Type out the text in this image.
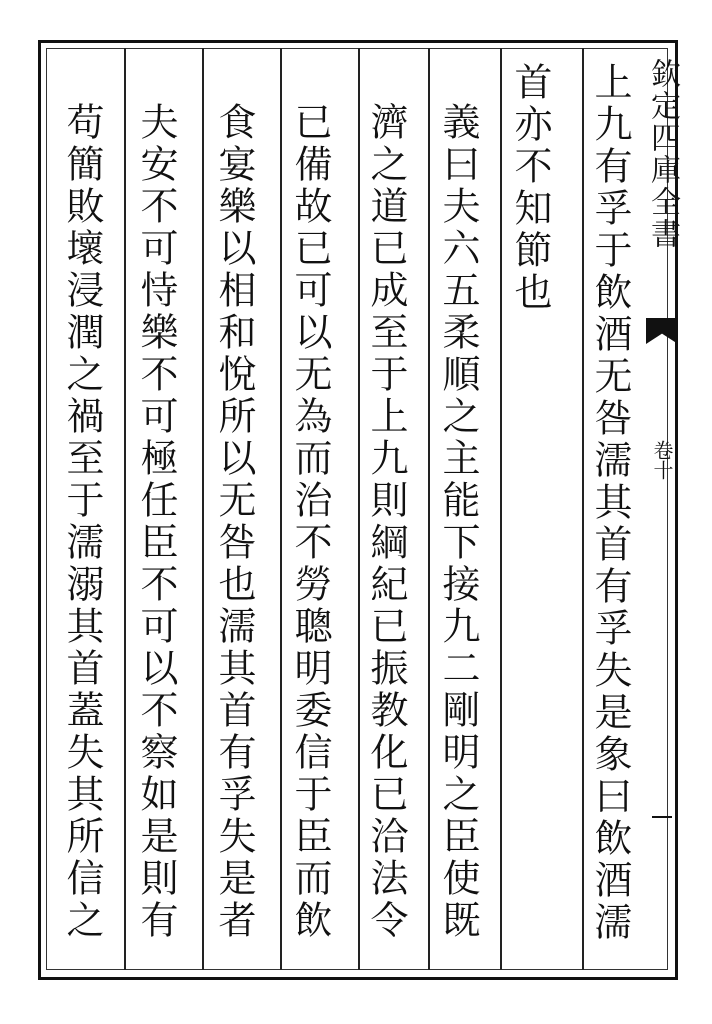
欽定四庫全書
卷十
上九有孚于飲酒无咎濡其首有孚失是象曰飲酒濡
首亦不知節也
義曰夫六五柔順之主能下接九二剛明之臣使既
濟之道已成至于上九則綱紀已振教化已洽法令
已備故已可以无為而治不勞聰明委信于臣而飲
食宴樂以相和悅所以无咎也濡其首有孚失是者
夫安不可恃樂不可極任臣不可以不察如是則有
苟簡敗壞浸潤之禍至于濡溺其首蓋失其所信之
